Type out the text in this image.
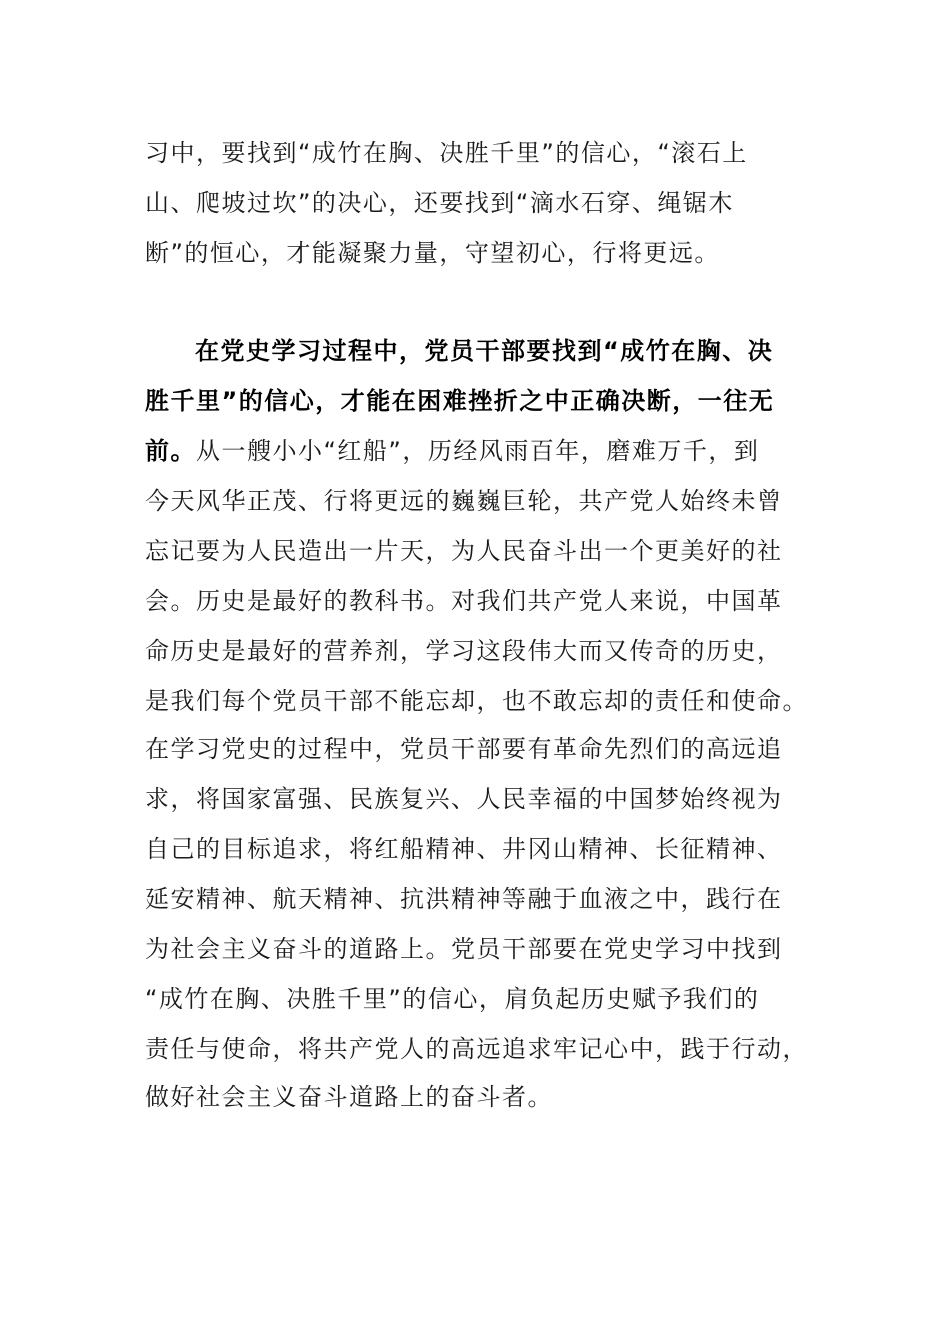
习中，要找到“成竹在胸、决胜千里”的信心，“滚石上
山、爬坡过坎”的决心，还要找到“滴水石穿、绳锯木
断”的恒心，才能凝聚力量，守望初心，行将更远。
在党史学习过程中，党员干部要找到“成竹在胸、决
胜千里”的信心，才能在困难挫折之中正确决断，一往无
前。从一艘小小“红船”，历经风雨百年，磨难万千，到
今天风华正茂、行将更远的巍巍巨轮，共产党人始终未曾
忘记要为人民造出一片天，为人民奋斗出一个更美好的社
会。历史是最好的教科书。对我们共产党人来说，中国革
命历史是最好的营养剂，学习这段伟大而又传奇的历史，
是我们每个党员干部不能忘却，也不敢忘却的责任和使命。
在学习党史的过程中，党员干部要有革命先烈们的高远追
求，将国家富强、民族复兴、人民幸福的中国梦始终视为
自己的目标追求，将红船精神、井冈山精神、长征精神、
延安精神、航天精神、抗洪精神等融于血液之中，践行在
为社会主义奋斗的道路上。党员干部要在党史学习中找到
“成竹在胸、决胜千里”的信心，肩负起历史赋予我们的
责任与使命，将共产党人的高远追求牢记心中，践于行动，
做好社会主义奋斗道路上的奋斗者。
